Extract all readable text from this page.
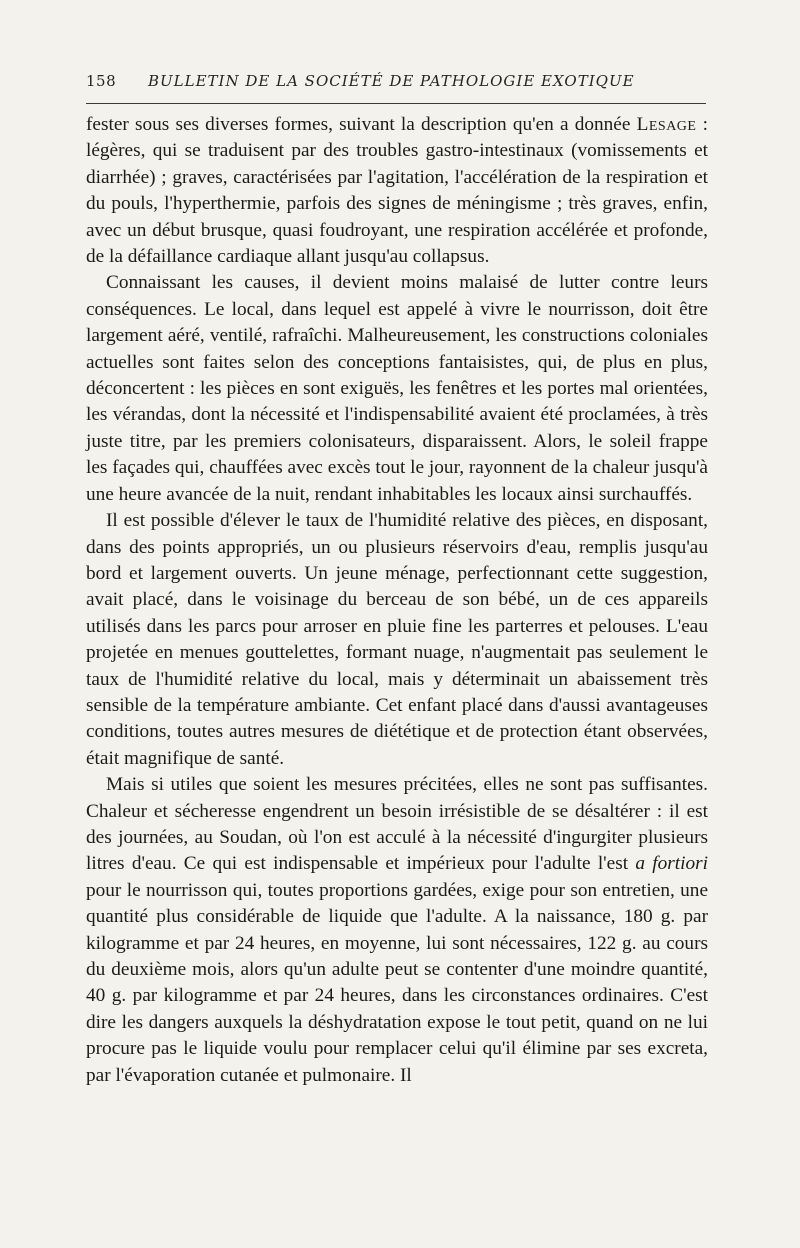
158 BULLETIN DE LA SOCIÉTÉ DE PATHOLOGIE EXOTIQUE

fester sous ses diverses formes, suivant la description qu'en a donnée Lesage : légères, qui se traduisent par des troubles gastro-intestinaux (vomissements et diarrhée) ; graves, caractérisées par l'agitation, l'accélération de la respiration et du pouls, l'hyperthermie, parfois des signes de méningisme ; très graves, enfin, avec un début brusque, quasi foudroyant, une respiration accélérée et profonde, de la défaillance cardiaque allant jusqu'au collapsus.

Connaissant les causes, il devient moins malaisé de lutter contre leurs conséquences. Le local, dans lequel est appelé à vivre le nourrisson, doit être largement aéré, ventilé, rafraîchi. Malheureusement, les constructions coloniales actuelles sont faites selon des conceptions fantaisistes, qui, de plus en plus, déconcertent : les pièces en sont exiguës, les fenêtres et les portes mal orientées, les vérandas, dont la nécessité et l'indispensabilité avaient été proclamées, à très juste titre, par les premiers colonisateurs, disparaissent. Alors, le soleil frappe les façades qui, chauffées avec excès tout le jour, rayonnent de la chaleur jusqu'à une heure avancée de la nuit, rendant inhabitables les locaux ainsi surchauffés.

Il est possible d'élever le taux de l'humidité relative des pièces, en disposant, dans des points appropriés, un ou plusieurs réservoirs d'eau, remplis jusqu'au bord et largement ouverts. Un jeune ménage, perfectionnant cette suggestion, avait placé, dans le voisinage du berceau de son bébé, un de ces appareils utilisés dans les parcs pour arroser en pluie fine les parterres et pelouses. L'eau projetée en menues gouttelettes, formant nuage, n'augmentait pas seulement le taux de l'humidité relative du local, mais y déterminait un abaissement très sensible de la température ambiante. Cet enfant placé dans d'aussi avantageuses conditions, toutes autres mesures de diététique et de protection étant observées, était magnifique de santé.

Mais si utiles que soient les mesures précitées, elles ne sont pas suffisantes. Chaleur et sécheresse engendrent un besoin irrésistible de se désaltérer : il est des journées, au Soudan, où l'on est acculé à la nécessité d'ingurgiter plusieurs litres d'eau. Ce qui est indispensable et impérieux pour l'adulte l'est a fortiori pour le nourrisson qui, toutes proportions gardées, exige pour son entretien, une quantité plus considérable de liquide que l'adulte. A la naissance, 180 g. par kilogramme et par 24 heures, en moyenne, lui sont nécessaires, 122 g. au cours du deuxième mois, alors qu'un adulte peut se contenter d'une moindre quantité, 40 g. par kilogramme et par 24 heures, dans les circonstances ordinaires. C'est dire les dangers auxquels la déshydratation expose le tout petit, quand on ne lui procure pas le liquide voulu pour remplacer celui qu'il élimine par ses excreta, par l'évaporation cutanée et pulmonaire. Il
